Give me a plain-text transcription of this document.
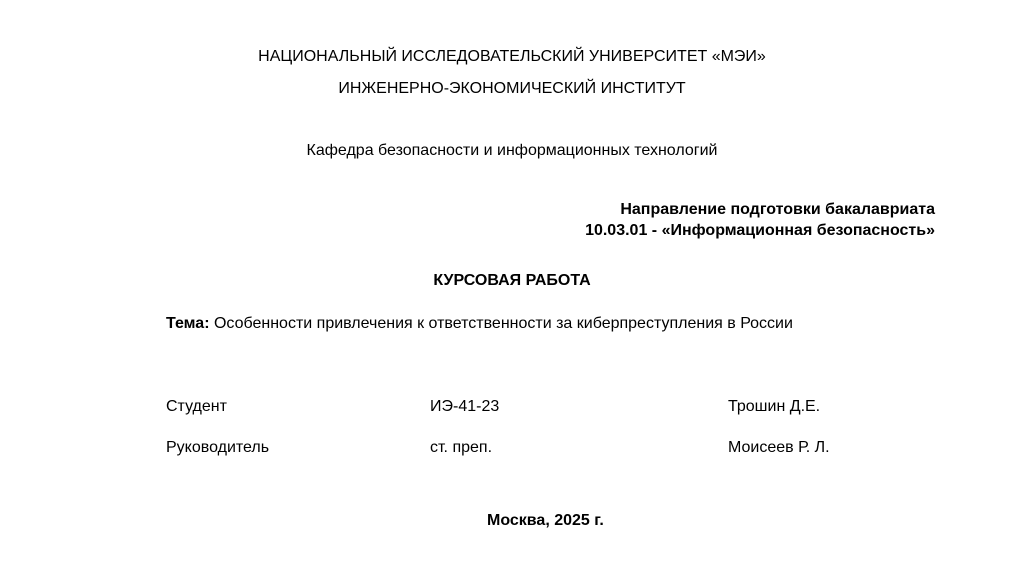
НАЦИОНАЛЬНЫЙ ИССЛЕДОВАТЕЛЬСКИЙ УНИВЕРСИТЕТ «МЭИ»
ИНЖЕНЕРНО-ЭКОНОМИЧЕСКИЙ ИНСТИТУТ
Кафедра безопасности и информационных технологий
Направление подготовки бакалавриата
10.03.01 - «Информационная безопасность»
КУРСОВАЯ РАБОТА
Тема: Особенности привлечения к ответственности за киберпреступления в России
Студент	ИЭ-41-23	Трошин Д.Е.
Руководитель	ст. преп.	Моисеев Р. Л.
Москва, 2025 г.
